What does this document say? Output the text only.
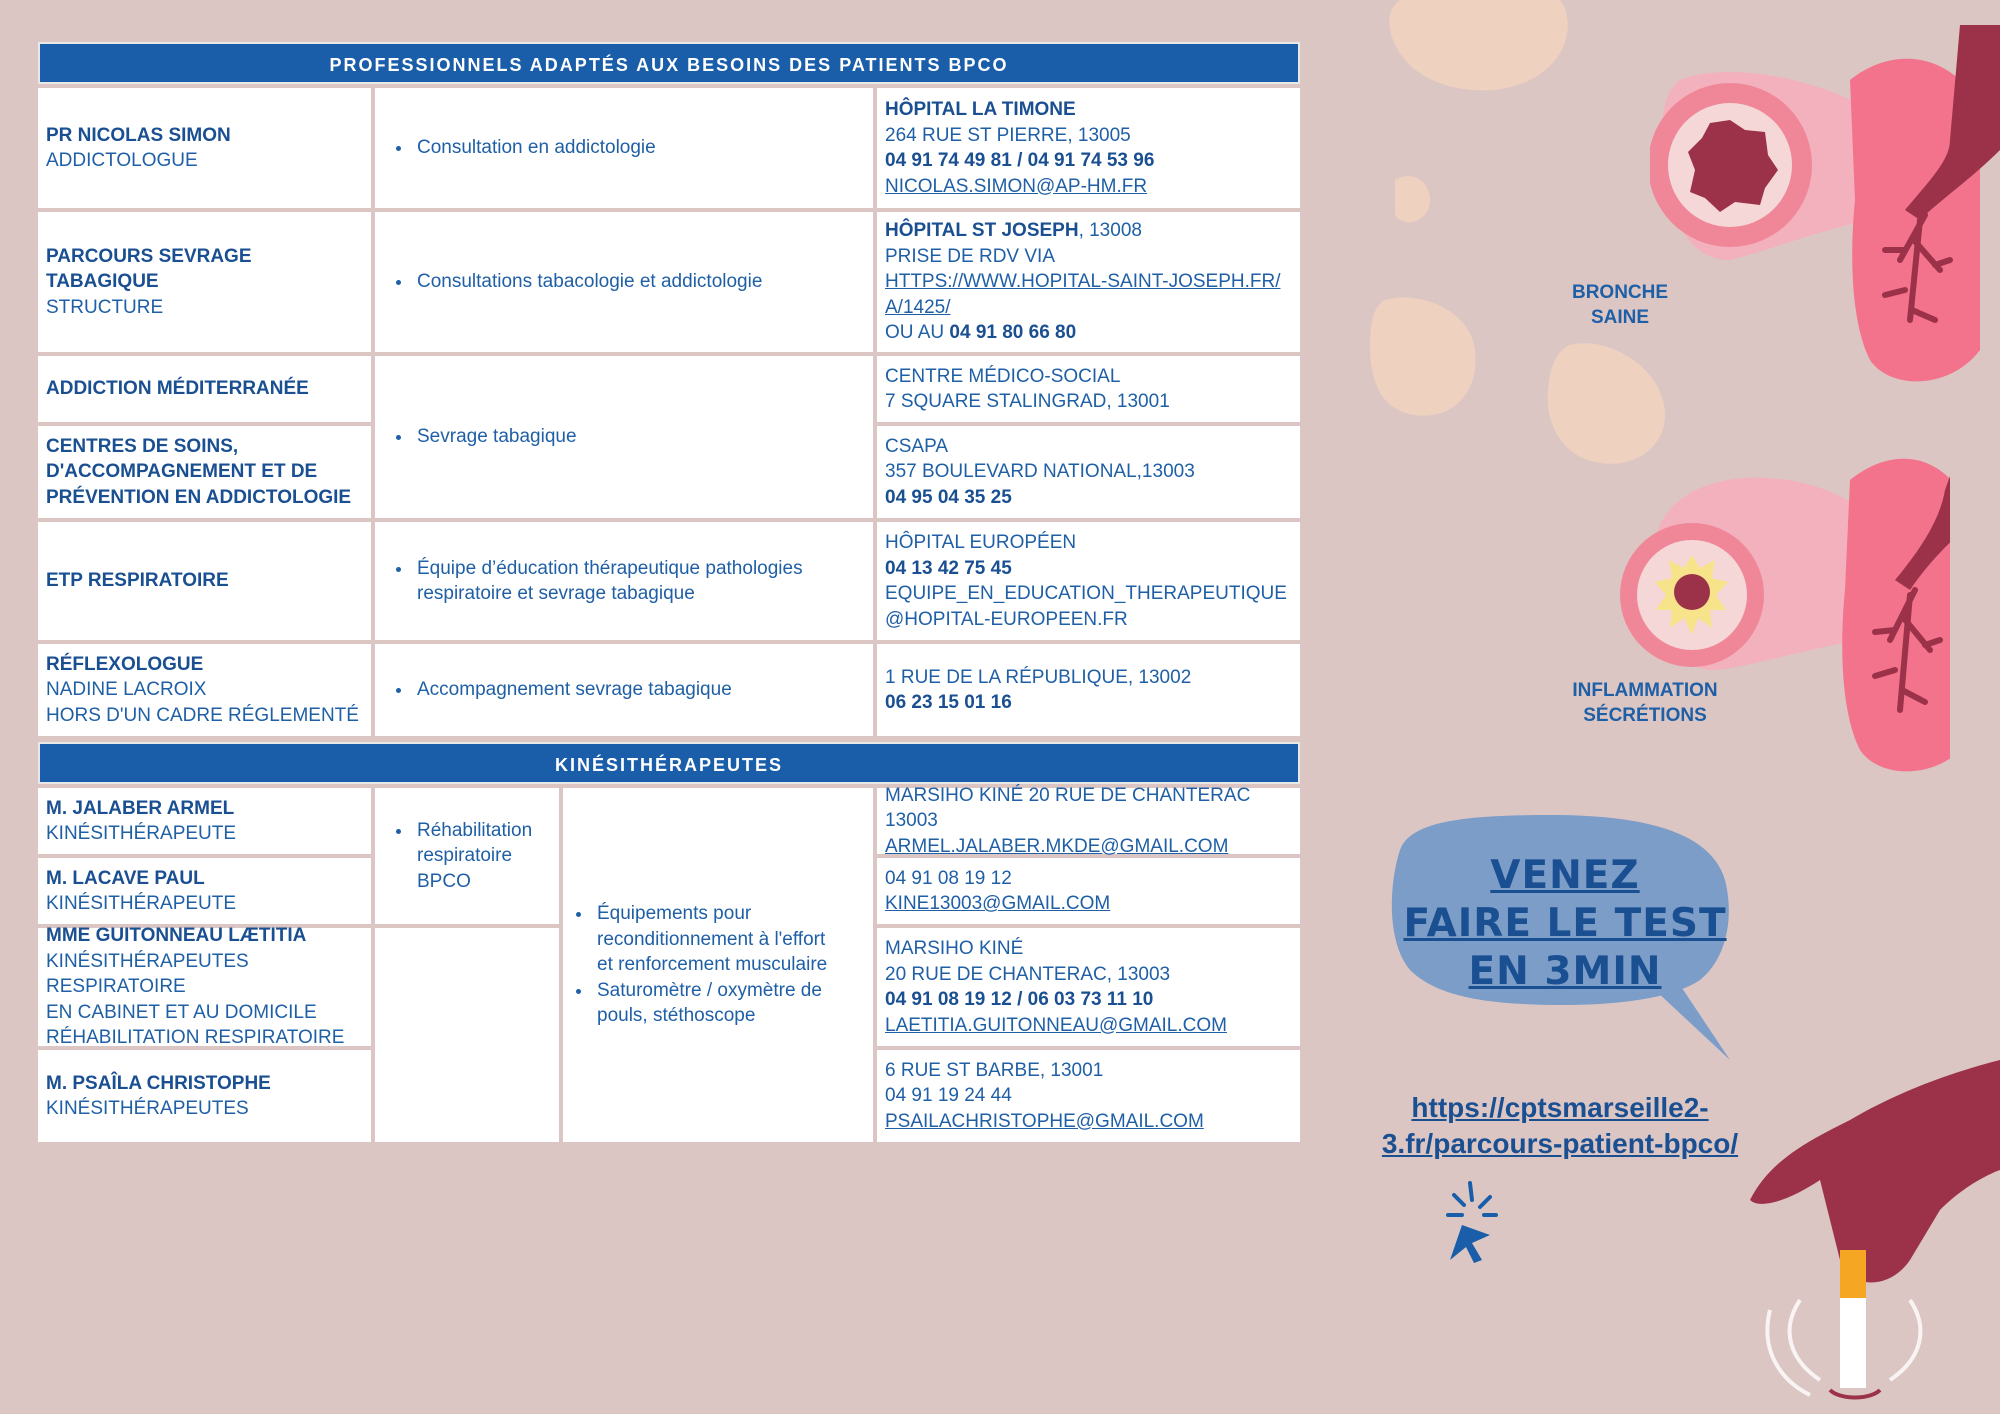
BRONCHE
SAINE
INFLAMMATION
SÉCRÉTIONS
VENEZ
FAIRE LE TEST
EN 3MIN
https://cptsmarseille2-
3.fr/parcours-patient-bpco/
PROFESSIONNELS ADAPTÉS AUX BESOINS DES PATIENTS BPCO
PR NICOLAS SIMON
ADDICTOLOGUE
• Consultation en addictologie
HÔPITAL LA TIMONE
264 RUE ST PIERRE, 13005
04 91 74 49 81 / 04 91 74 53 96
NICOLAS.SIMON@AP-HM.FR
PARCOURS SEVRAGE TABAGIQUE
STRUCTURE
• Consultations tabacologie et addictologie
HÔPITAL ST JOSEPH, 13008
PRISE DE RDV VIA
HTTPS://WWW.HOPITAL-SAINT-JOSEPH.FR/
A/1425/
OU AU 04 91 80 66 80
ADDICTION MÉDITERRANÉE
CENTRE MÉDICO-SOCIAL
7 SQUARE STALINGRAD, 13001
CENTRES DE SOINS,
D'ACCOMPAGNEMENT ET DE
PRÉVENTION EN ADDICTOLOGIE
CSAPA
357 BOULEVARD NATIONAL,13003
04 95 04 35 25
• Sevrage tabagique
ETP RESPIRATOIRE
• Équipe d’éducation thérapeutique pathologies
respiratoire et sevrage tabagique
HÔPITAL EUROPÉEN
04 13 42 75 45
EQUIPE_EN_EDUCATION_THERAPEUTIQUE
@HOPITAL-EUROPEEN.FR
RÉFLEXOLOGUE
NADINE LACROIX
HORS D'UN CADRE RÉGLEMENTÉ
• Accompagnement sevrage tabagique
1 RUE DE LA RÉPUBLIQUE, 13002
06 23 15 01 16
KINÉSITHÉRAPEUTES
M. JALABER ARMEL
KINÉSITHÉRAPEUTE
MARSIHO KINÉ 20 RUE DE CHANTERAC 13003
ARMEL.JALABER.MKDE@GMAIL.COM
M. LACAVE PAUL
KINÉSITHÉRAPEUTE
04 91 08 19 12
KINE13003@GMAIL.COM
• Réhabilitation
respiratoire
BPCO
MME GUITONNEAU LÆTITIA
KINÉSITHÉRAPEUTES RESPIRATOIRE
EN CABINET ET AU DOMICILE
RÉHABILITATION RESPIRATOIRE
MARSIHO KINÉ
20 RUE DE CHANTERAC, 13003
04 91 08 19 12 / 06 03 73 11 10
LAETITIA.GUITONNEAU@GMAIL.COM
M. PSAÎLA CHRISTOPHE
KINÉSITHÉRAPEUTES
6 RUE ST BARBE, 13001
04 91 19 24 44
PSAILACHRISTOPHE@GMAIL.COM
• Équipements pour
reconditionnement à l'effort
et renforcement musculaire
• Saturomètre / oxymètre de
pouls, stéthoscope
